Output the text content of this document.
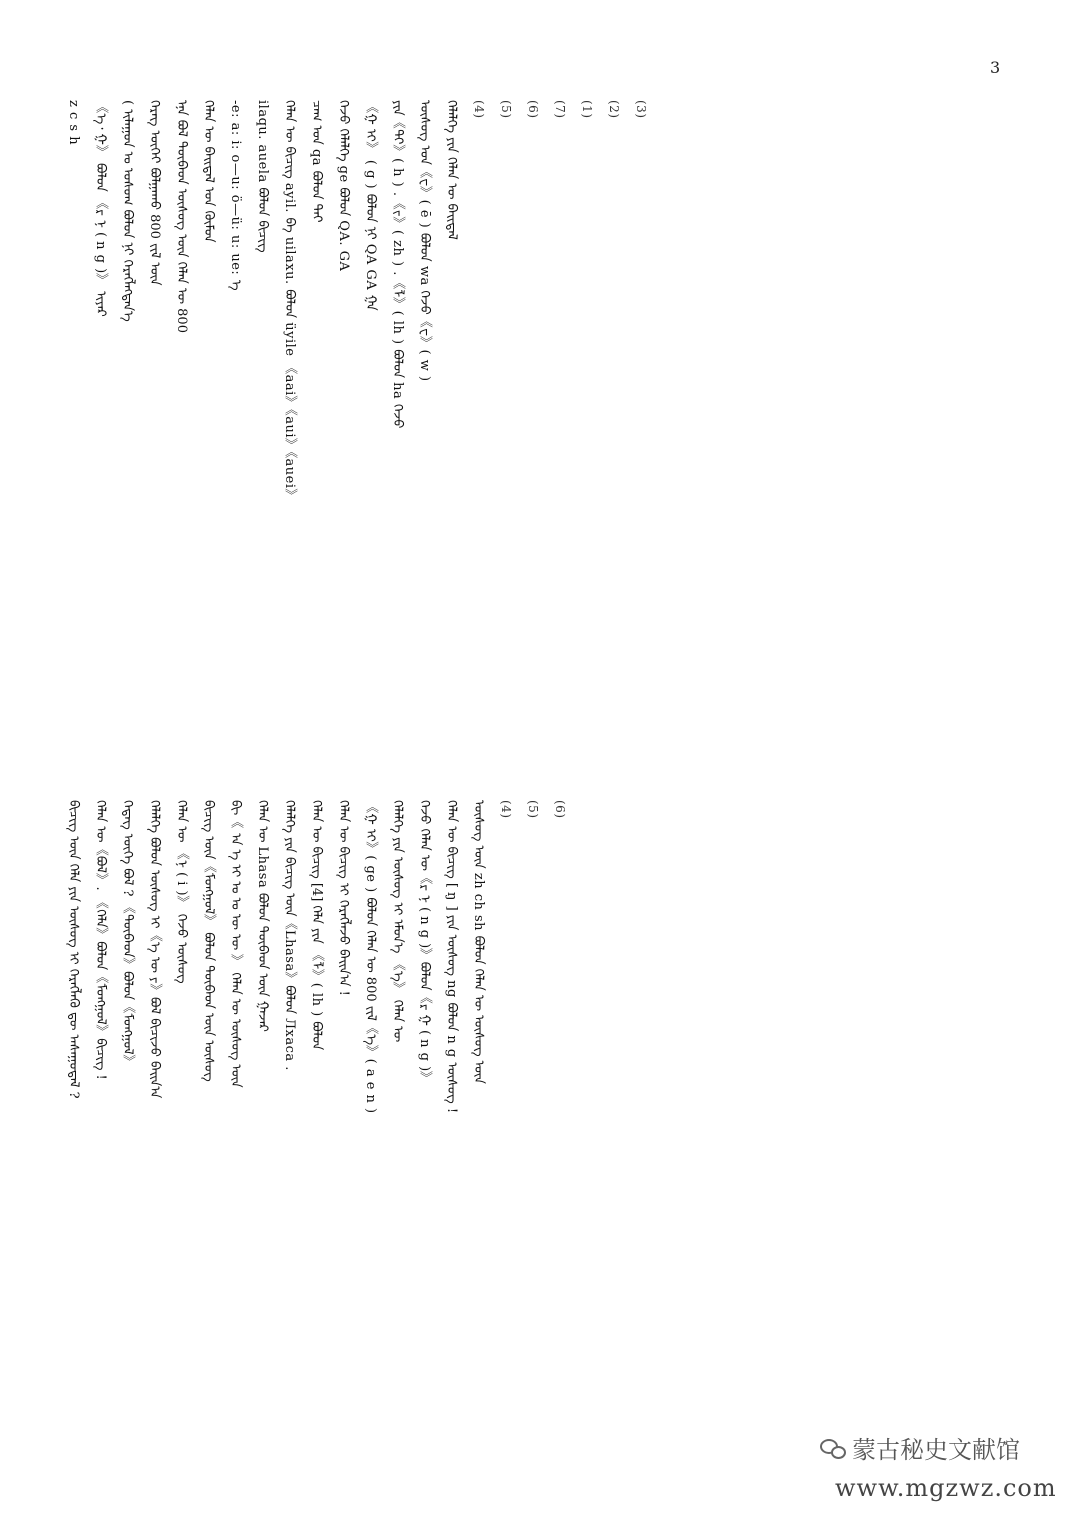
3
z c s h 《ᠡ᠂ ᠭ》 ᠪᠣᠯᠤᠨ 《ᠷ ᠨ ( n g )》 ᠢᠶᠡᠷ ( ᠢᠯᠠᠭᠤᠨ ᠤ ᠤᠰᠤᠭ ᠪᠣᠯᠤᠨ ᠨᠢ ᠬᠡᠷᠡᠭᠯᠡᠭᠳᠡᠨ᠎ᠡ ᠬᠡᠷᠡᠭ ᠦᠭᠡᠢ ᠪᠣᠯᠭᠠᠬᠤ 800 ᠵᠢᠯ ᠦᠨ ᠡᠨᠡ ᠪᠣᠯ ᠲᠥᠪᠡᠳ ᠦᠰᠦᠭ ᠦᠨ ᠬᠡᠯᠡᠨ ᠦ 800 ᠬᠡᠯᠡᠨ ᠦ ᠪᠠᠢᠳᠠᠯ ᠤᠨ ᠬᠦᠮᠦᠨ -e: a: i: o—u: ö—ü: u: ue: ᠡ ilaqu. auela ᠪᠣᠯᠤᠨ ᠪᠢᠴᠢᠭ ᠬᠡᠯᠡᠨ ᠦ ᠪᠢᠴᠢᠭ ayil. ᠪᠠ uilaxu. ᠪᠣᠯᠤᠨ üyile 《aai》《aui》《auei》 ᠴᠠᠭ ᠤᠨ qa ᠪᠣᠯᠤᠨ ᠲᠠᠢ ᠭᠡᠵᠦ ᠬᠡᠯᠡᠯᠭᠡ ge ᠪᠣᠯᠤᠨ QA. GA 《ᠭ ᠢ》 ( g ) ᠪᠣᠯᠤᠨ ᠨᠢ QA GA ᠭᠠ ᠶᠢᠨ《ᠲᠢ》( h ) .《ᠵ》( zh ) .《ᠯ》( lh ) ᠪᠣᠯᠤᠨ ha ᠭᠡᠵᠦ ᠦᠰᠦᠭ ᠤᠨ《ᠸ》( ē ) ᠪᠣᠯᠤᠨ wa ᠭᠡᠵᠦ《ᠸ》( w ) ᠬᠡᠯᠡᠯᠭᠡ ᠶᠢᠨ ᠬᠡᠯᠡᠨ ᠦ ᠪᠠᠢᠳᠠᠯ	(4)	(5)	(6)	(7)	(1)	(2)	(3)
ᠪᠢᠴᠢᠭ ᠦᠨ ᠬᠡᠯᠡ ᠶᠢᠨ ᠦᠰᠦᠭ ᠢ ᠬᠡᠷᠡᠭᠯᠡᠬᠦ ᠳᠦ ᠠᠰᠠᠭᠤᠳᠠᠯ ? ᠬᠡᠯᠡᠨ ᠦ《ᠪᠣᠯ》. 《ᠬᠡᠯᠡ》ᠪᠣᠯᠤᠨ《ᠮᠣᠩᠭᠣᠯ》ᠪᠢᠴᠢᠭ ! ᠭᠡᠳᠡᠭ ᠦᠭᠡ ᠪᠣᠯ ? 《ᠲᠥᠪᠡᠳ》ᠪᠣᠯᠤᠨ《ᠮᠣᠩᠭᠣᠯ》 ᠬᠡᠯᠡᠯᠭᠡ ᠪᠣᠯᠤᠨ ᠦᠰᠦᠭ ᠢ《ᠡ ᠦ ᠶ》ᠪᠣᠯ ᠪᠢᠴᠢᠵᠦ ᠪᠠᠢᠨ᠎ᠠ ᠬᠡᠯᠡᠨ ᠦ 《ᠨ ( i )》 ᠭᠡᠵᠦ ᠦᠰᠦᠭ ᠪᠢᠴᠢᠭ ᠦᠨ《ᠮᠣᠩᠭᠣᠯ》 ᠪᠣᠯᠤᠨ ᠲᠥᠪᠡᠳ ᠦᠨ ᠦᠰᠦᠭ ᠪᠢ《 ᠠ ᠡ ᠢ ᠣ ᠤ ᠥ ᠦ 》 ᠬᠡᠯᠡᠨ ᠦ ᠦᠰᠦᠭ ᠦᠨ ᠬᠡᠯᠡᠨ ᠦ Lhasa ᠪᠣᠯᠤᠨ ᠲᠥᠪᠡᠳ ᠦᠨ ᠭᠠᠵᠠᠷ ᠬᠡᠯᠡᠯᠭᠡ ᠶᠢᠨ ᠪᠢᠴᠢᠭ ᠦᠨ《Lhasa》ᠪᠣᠯᠤᠨ Лхаса . ᠬᠡᠯᠡᠨ ᠦ ᠪᠢᠴᠢᠭ [4] ᠬᠡᠯᠡ ᠶᠢᠨ 《ᠯ》( lh ) ᠪᠣᠯᠤᠨ ᠬᠡᠯᠡᠨ ᠦ ᠪᠢᠴᠢᠭ ᠢ ᠬᠡᠷᠡᠭᠯᠡᠵᠦ ᠪᠠᠢᠨ᠎ᠠ ! 《ᠭ ᠢ》( ge ) ᠪᠣᠯᠤᠨ ᠬᠡᠯᠡᠨ ᠦ 800 ᠵᠢᠯ《ᠡ》( a e n ) ᠬᠡᠯᠡᠯᠭᠡ ᠶᠢᠨ ᠦᠰᠦᠭ ᠢ ᠡᠮᠦᠨ᠎ᠡ 《ᠡ》 ᠬᠡᠯᠡᠨ ᠦ ᠭᠡᠵᠦ ᠬᠡᠯᠡᠨ ᠦ《ᠷ ᠨ ( n g )》ᠪᠣᠯᠤᠨ《ᠷ ᠭ ( n g )》 ᠬᠡᠯᠡᠨ ᠦ ᠪᠢᠴᠢᠭ [ ŋ ] ᠶᠢᠨ ᠦᠰᠦᠭ ng ᠪᠣᠯᠤᠨ n g ᠦᠰᠦᠭ ! ᠦᠰᠦᠭ ᠦᠨ zh ch sh ᠪᠣᠯᠤᠨ ᠬᠡᠯᠡᠨ ᠦ ᠦᠰᠦᠭ ᠦᠨ	(4)	(5)	(6)
蒙古秘史文献馆
www.mgzwz.com
